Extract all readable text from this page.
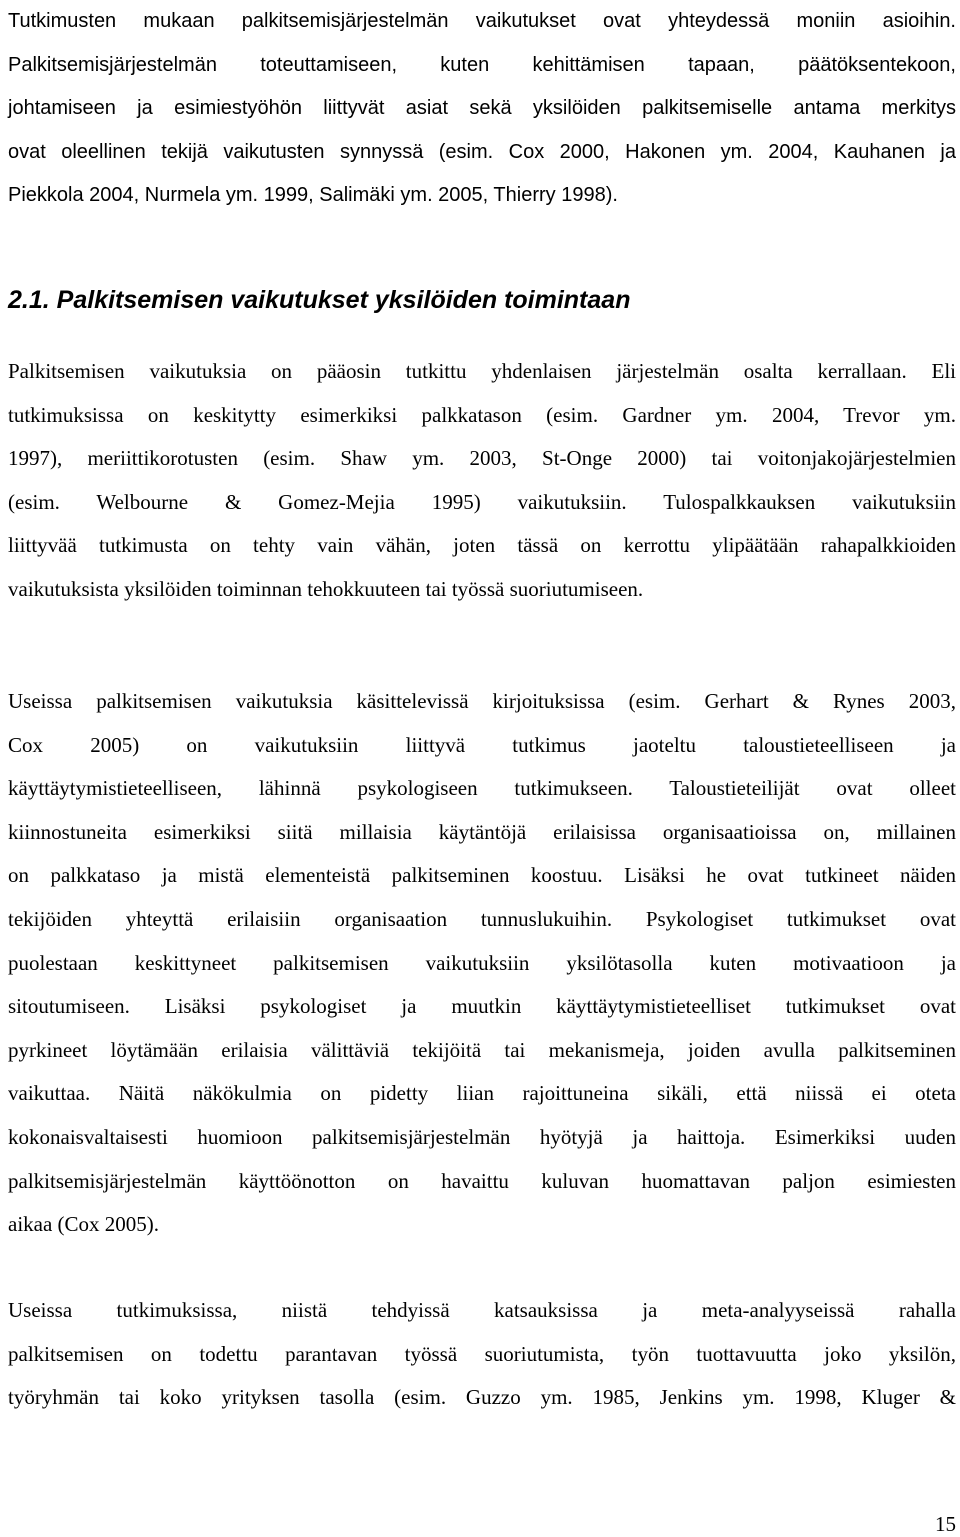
Tutkimusten mukaan palkitsemisjärjestelmän vaikutukset ovat yhteydessä moniin asioihin.
Palkitsemisjärjestelmän toteuttamiseen, kuten kehittämisen tapaan, päätöksentekoon,
johtamiseen ja esimiestyöhön liittyvät asiat sekä yksilöiden palkitsemiselle antama merkitys
ovat oleellinen tekijä vaikutusten synnyssä (esim. Cox 2000, Hakonen ym. 2004, Kauhanen ja
Piekkola 2004, Nurmela ym. 1999, Salimäki ym. 2005, Thierry 1998).

2.1. Palkitsemisen vaikutukset yksilöiden toimintaan

Palkitsemisen vaikutuksia on pääosin tutkittu yhdenlaisen järjestelmän osalta kerrallaan. Eli
tutkimuksissa on keskitytty esimerkiksi palkkatason (esim. Gardner ym. 2004, Trevor ym.
1997), meriittikorotusten (esim. Shaw ym. 2003, St-Onge 2000) tai voitonjakojärjestelmien
(esim. Welbourne & Gomez-Mejia 1995) vaikutuksiin. Tulospalkkauksen vaikutuksiin
liittyvää tutkimusta on tehty vain vähän, joten tässä on kerrottu ylipäätään rahapalkkioiden
vaikutuksista yksilöiden toiminnan tehokkuuteen tai työssä suoriutumiseen.

Useissa palkitsemisen vaikutuksia käsittelevissä kirjoituksissa (esim. Gerhart & Rynes 2003,
Cox 2005) on vaikutuksiin liittyvä tutkimus jaoteltu taloustieteelliseen ja
käyttäytymistieteelliseen, lähinnä psykologiseen tutkimukseen. Taloustieteilijät ovat olleet
kiinnostuneita esimerkiksi siitä millaisia käytäntöjä erilaisissa organisaatioissa on, millainen
on palkkataso ja mistä elementeistä palkitseminen koostuu. Lisäksi he ovat tutkineet näiden
tekijöiden yhteyttä erilaisiin organisaation tunnuslukuihin. Psykologiset tutkimukset ovat
puolestaan keskittyneet palkitsemisen vaikutuksiin yksilötasolla kuten motivaatioon ja
sitoutumiseen. Lisäksi psykologiset ja muutkin käyttäytymistieteelliset tutkimukset ovat
pyrkineet löytämään erilaisia välittäviä tekijöitä tai mekanismeja, joiden avulla palkitseminen
vaikuttaa. Näitä näkökulmia on pidetty liian rajoittuneina sikäli, että niissä ei oteta
kokonaisvaltaisesti huomioon palkitsemisjärjestelmän hyötyjä ja haittoja. Esimerkiksi uuden
palkitsemisjärjestelmän käyttöönotton on havaittu kuluvan huomattavan paljon esimiesten
aikaa (Cox 2005).

Useissa tutkimuksissa, niistä tehdyissä katsauksissa ja meta-analyyseissä rahalla
palkitsemisen on todettu parantavan työssä suoriutumista, työn tuottavuutta joko yksilön,
työryhmän tai koko yrityksen tasolla (esim. Guzzo ym. 1985, Jenkins ym. 1998, Kluger &

15
